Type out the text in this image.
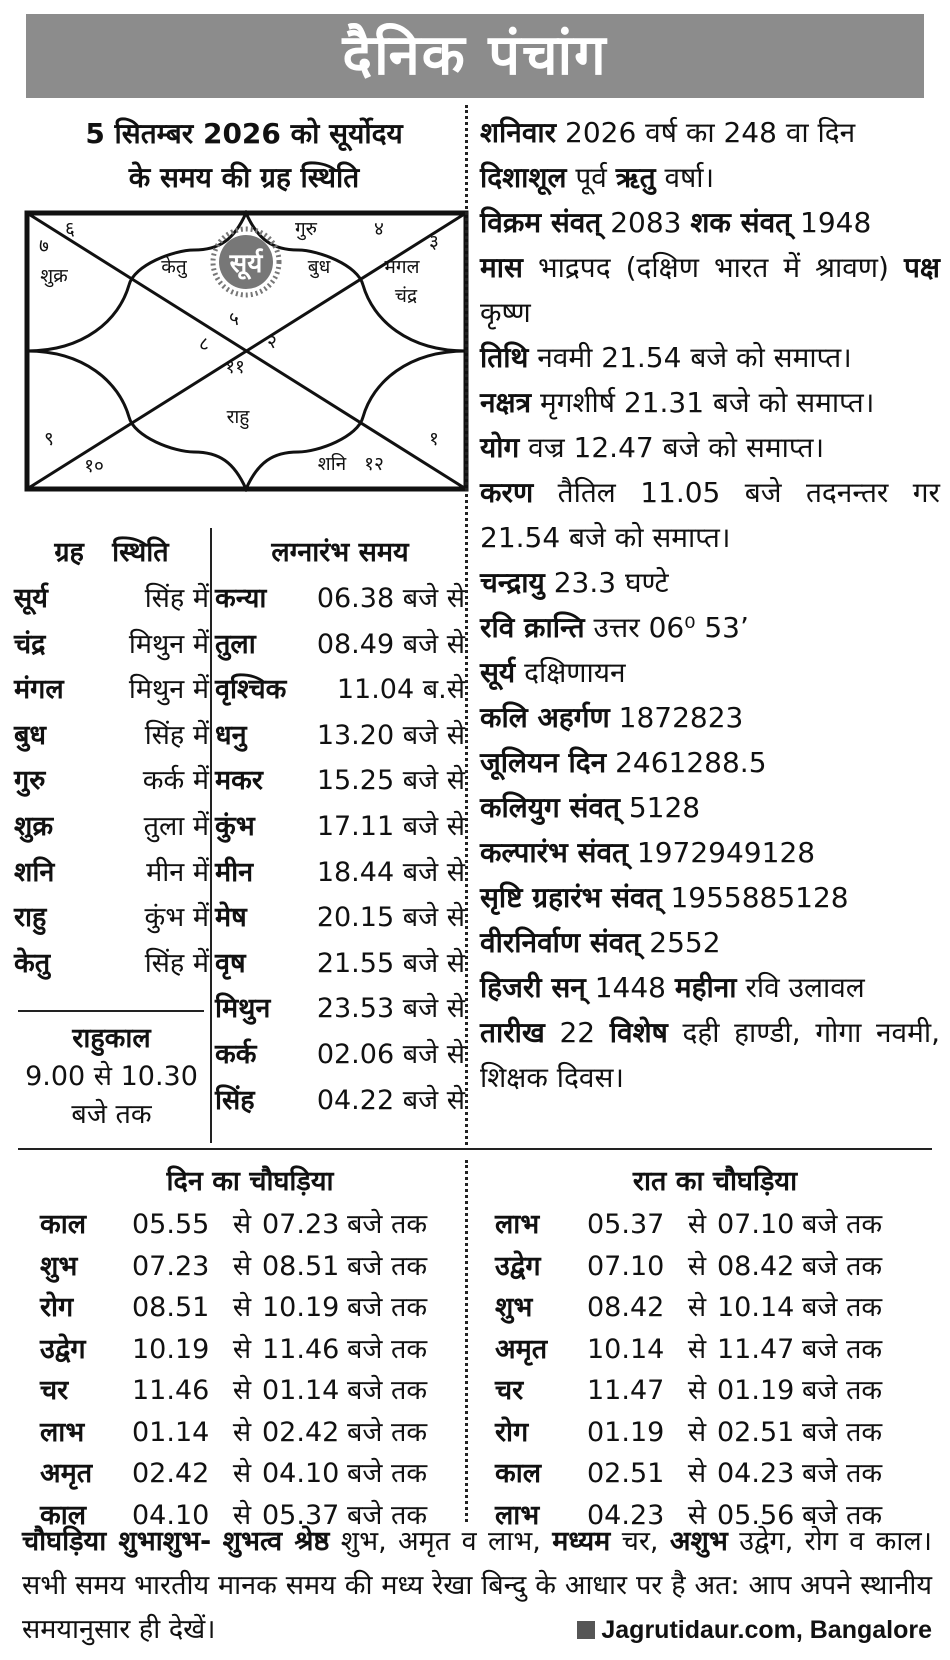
दैनिक पंचांग
5 सितम्बर 2026 को सूर्योदय
के समय की ग्रह स्थिति
सूर्य
६
७
शुक्र
गुरु	४
३
केतु	बुध	मंगल
चंद्र
५
८	२
११
राहु
९
१०
१
शनि १२
ग्रह स्थिति
सूर्य	सिंह में
चंद्र	मिथुन में
मंगल मिथुन में
बुध	सिंह में
गुरु	कर्क में
शुक्र	तुला में
शनि	मीन में
राहु	कुंभ में
केतु	सिंह में
राहुकाल
9.00 से 10.30
बजे तक
लग्नारंभ समय
कन्या	06.38 बजे से
तुला	08.49 बजे से
वृश्चिक	11.04 ब.से
धनु	13.20 बजे से
मकर	15.25 बजे से
कुंभ	17.11 बजे से
मीन	18.44 बजे से
मेष	20.15 बजे से
वृष	21.55 बजे से
मिथुन	23.53 बजे से
कर्क	02.06 बजे से
सिंह	04.22 बजे से
शनिवार 2026 वर्ष का 248 वा दिन
दिशाशूल पूर्व ऋतु वर्षा।
विक्रम संवत् 2083 शक संवत् 1948
मास भाद्रपद (दक्षिण भारत में श्रावण) पक्ष कृष्ण
तिथि नवमी 21.54 बजे को समाप्त।
नक्षत्र मृगशीर्ष 21.31 बजे को समाप्त।
योग वज्र 12.47 बजे को समाप्त।
करण तैतिल 11.05 बजे तदनन्तर गर 21.54 बजे को समाप्त।
चन्द्रायु 23.3 घण्टे
रवि क्रान्ति उत्तर 06⁰ 53’
सूर्य दक्षिणायन
कलि अहर्गण 1872823
जूलियन दिन 2461288.5
कलियुग संवत् 5128
कल्पारंभ संवत् 1972949128
सृष्टि ग्रहारंभ संवत् 1955885128
वीरनिर्वाण संवत् 2552
हिजरी सन् 1448 महीना रवि उलावल
तारीख 22 विशेष दही हाण्डी, गोगा नवमी, शिक्षक दिवस।
दिन का चौघड़िया
काल	05.55 से 07.23 बजे तक
शुभ	07.23 से 08.51 बजे तक
रोग	08.51 से 10.19 बजे तक
उद्वेग	10.19 से 11.46 बजे तक
चर	11.46 से 01.14 बजे तक
लाभ	01.14 से 02.42 बजे तक
अमृत	02.42 से 04.10 बजे तक
काल	04.10 से 05.37 बजे तक
रात का चौघड़िया
लाभ	05.37 से 07.10 बजे तक
उद्वेग	07.10 से 08.42 बजे तक
शुभ	08.42 से 10.14 बजे तक
अमृत	10.14 से 11.47 बजे तक
चर	11.47 से 01.19 बजे तक
रोग	01.19 से 02.51 बजे तक
काल	02.51 से 04.23 बजे तक
लाभ	04.23 से 05.56 बजे तक
चौघड़िया शुभाशुभ- शुभत्व श्रेष्ठ शुभ, अमृत व लाभ, मध्यम चर, अशुभ उद्वेग, रोग व काल। सभी समय भारतीय मानक समय की मध्य रेखा बिन्दु के आधार पर है अत: आप अपने स्थानीय समयानुसार ही देखें।	Jagrutidaur.com, Bangalore
